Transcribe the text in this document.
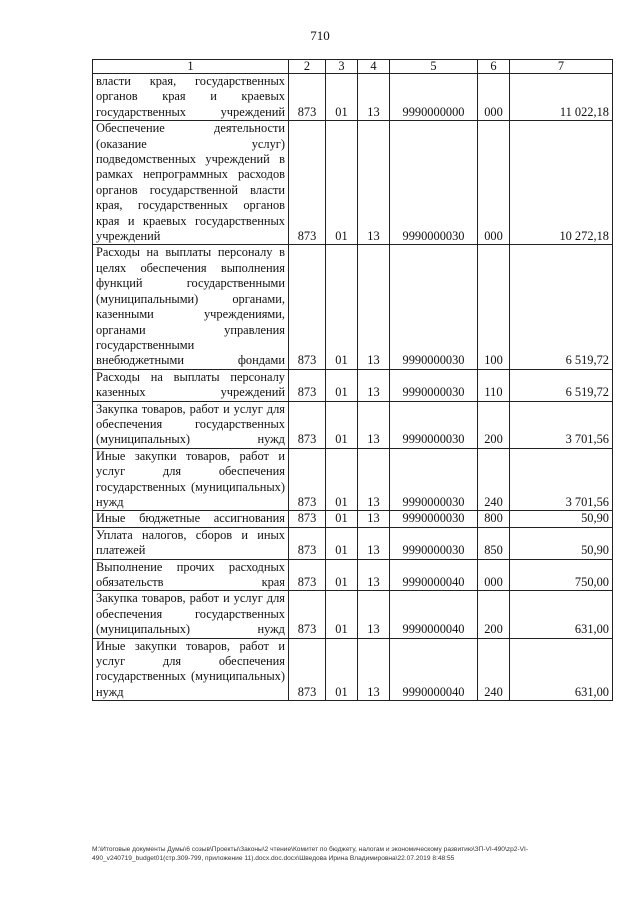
710
1	2	3	4	5	6	7
власти края, государственных органов края и краевых государственных учреждений	873	01	13	9990000000	000	11 022,18
Обеспечение деятельности (оказание услуг) подведомственных учреждений в рамках непрограммных расходов органов государственной власти края, государственных органов края и краевых государственных учреждений	873	01	13	9990000030	000	10 272,18
Расходы на выплаты персоналу в целях обеспечения выполнения функций государственными (муниципальными) органами, казенными учреждениями, органами управления государственными внебюджетными фондами	873	01	13	9990000030	100	6 519,72
Расходы на выплаты персоналу казенных учреждений	873	01	13	9990000030	110	6 519,72
Закупка товаров, работ и услуг для обеспечения государственных (муниципальных) нужд	873	01	13	9990000030	200	3 701,56
Иные закупки товаров, работ и услуг для обеспечения государственных (муниципальных) нужд	873	01	13	9990000030	240	3 701,56
Иные бюджетные ассигнования	873	01	13	9990000030	800	50,90
Уплата налогов, сборов и иных платежей	873	01	13	9990000030	850	50,90
Выполнение прочих расходных обязательств края	873	01	13	9990000040	000	750,00
Закупка товаров, работ и услуг для обеспечения государственных (муниципальных) нужд	873	01	13	9990000040	200	631,00
Иные закупки товаров, работ и услуг для обеспечения государственных (муниципальных) нужд	873	01	13	9990000040	240	631,00
М:\Итоговые документы Думы\6 созыв\Проекты\Законы\2 чтение\Комитет по бюджету, налогам и экономическому развитию\ЗП-VI-490\zp2-VI-490_v240719_budget01(стр.309-799, приложение 11).docx.doc.docx\Шведова Ирина Владимировна\22.07.2019 8:48:55
